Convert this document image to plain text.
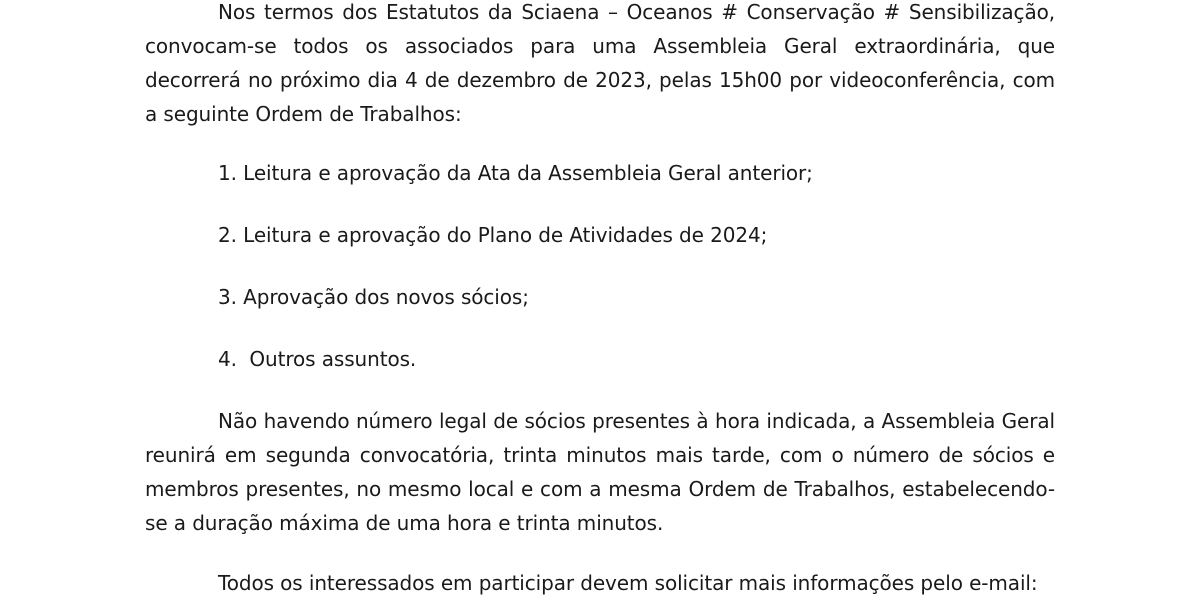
Nos termos dos Estatutos da Sciaena – Oceanos # Conservação # Sensibilização, convocam-se todos os associados para uma Assembleia Geral extraordinária, que decorrerá no próximo dia 4 de dezembro de 2023, pelas 15h00 por videoconferência, com a seguinte Ordem de Trabalhos:

1. Leitura e aprovação da Ata da Assembleia Geral anterior;

2. Leitura e aprovação do Plano de Atividades de 2024;

3. Aprovação dos novos sócios;

4.  Outros assuntos.

Não havendo número legal de sócios presentes à hora indicada, a Assembleia Geral reunirá em segunda convocatória, trinta minutos mais tarde, com o número de sócios e membros presentes, no mesmo local e com a mesma Ordem de Trabalhos, estabelecendo-se a duração máxima de uma hora e trinta minutos.

Todos os interessados em participar devem solicitar mais informações pelo e-mail:
